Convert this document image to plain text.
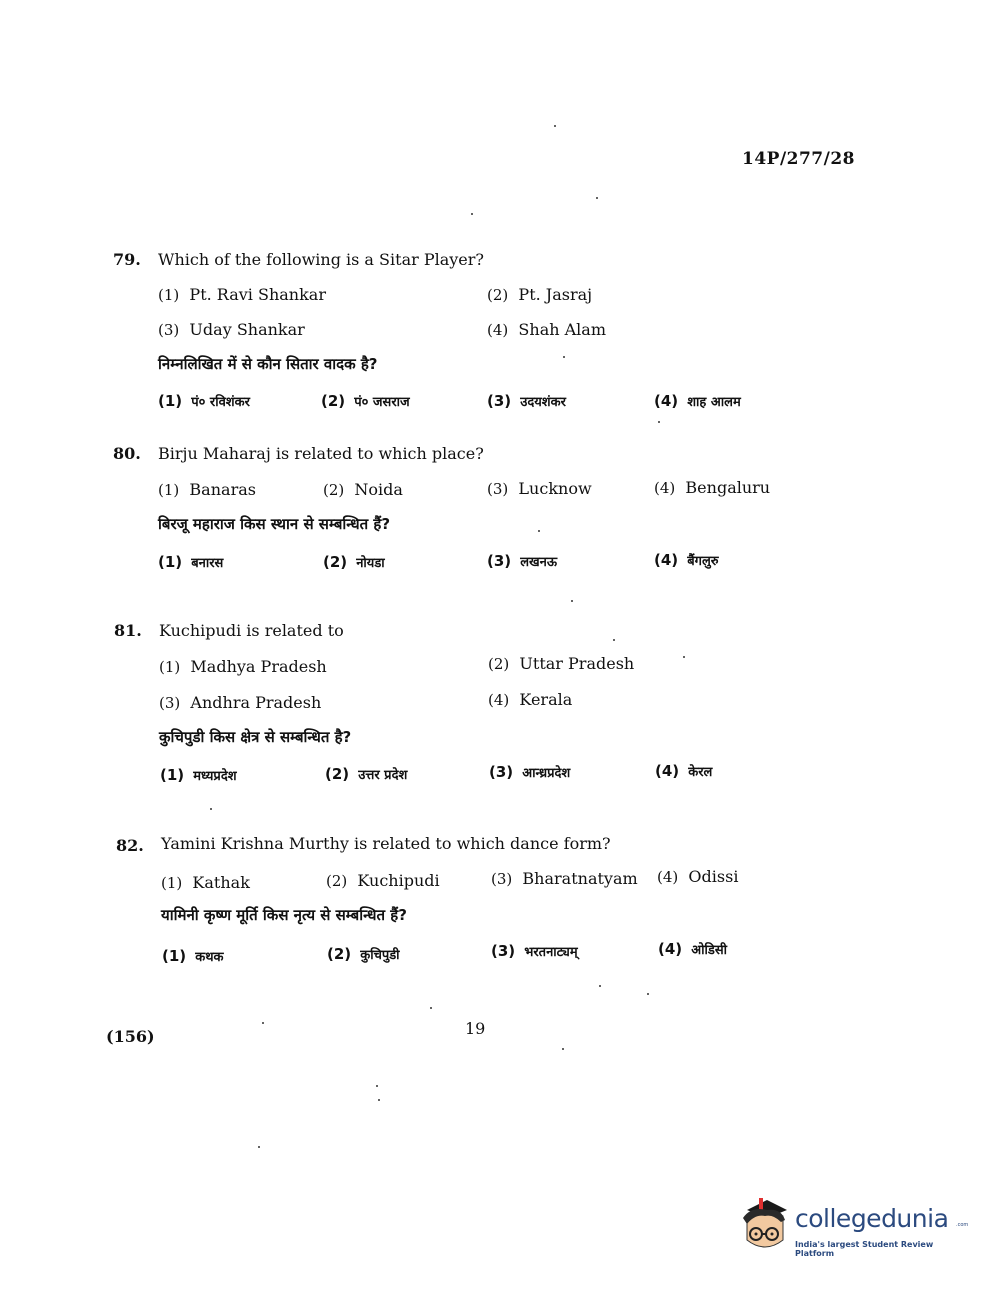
14P/277/28
79. Which of the following is a Sitar Player?
(1) Pt. Ravi Shankar	(2) Pt. Jasraj
(3) Uday Shankar	(4) Shah Alam
निम्नलिखित में से कौन सितार वादक है?
(1) पं० रविशंकर	(2) पं० जसराज	(3) उदयशंकर	(4) शाह आलम
80. Birju Maharaj is related to which place?
(1) Banaras	(2) Noida	(3) Lucknow	(4) Bengaluru
बिरजू महाराज किस स्थान से सम्बन्धित हैं?
(1) बनारस	(2) नोयडा	(3) लखनऊ	(4) बैंगलुरु
81. Kuchipudi is related to
(1) Madhya Pradesh	(2) Uttar Pradesh
(3) Andhra Pradesh	(4) Kerala
कुचिपुडी किस क्षेत्र से सम्बन्धित है?
(1) मध्यप्रदेश	(2) उत्तर प्रदेश	(3) आन्ध्रप्रदेश	(4) केरल
82. Yamini Krishna Murthy is related to which dance form?
(1) Kathak	(2) Kuchipudi	(3) Bharatnatyam (4) Odissi
यामिनी कृष्ण मूर्ति किस नृत्य से सम्बन्धित हैं?
(1) कथक	(2) कुचिपुडी	(3) भरतनाट्यम्	(4) ओडिसी
(156)	19
collegedunia .com
India's largest Student Review Platform
